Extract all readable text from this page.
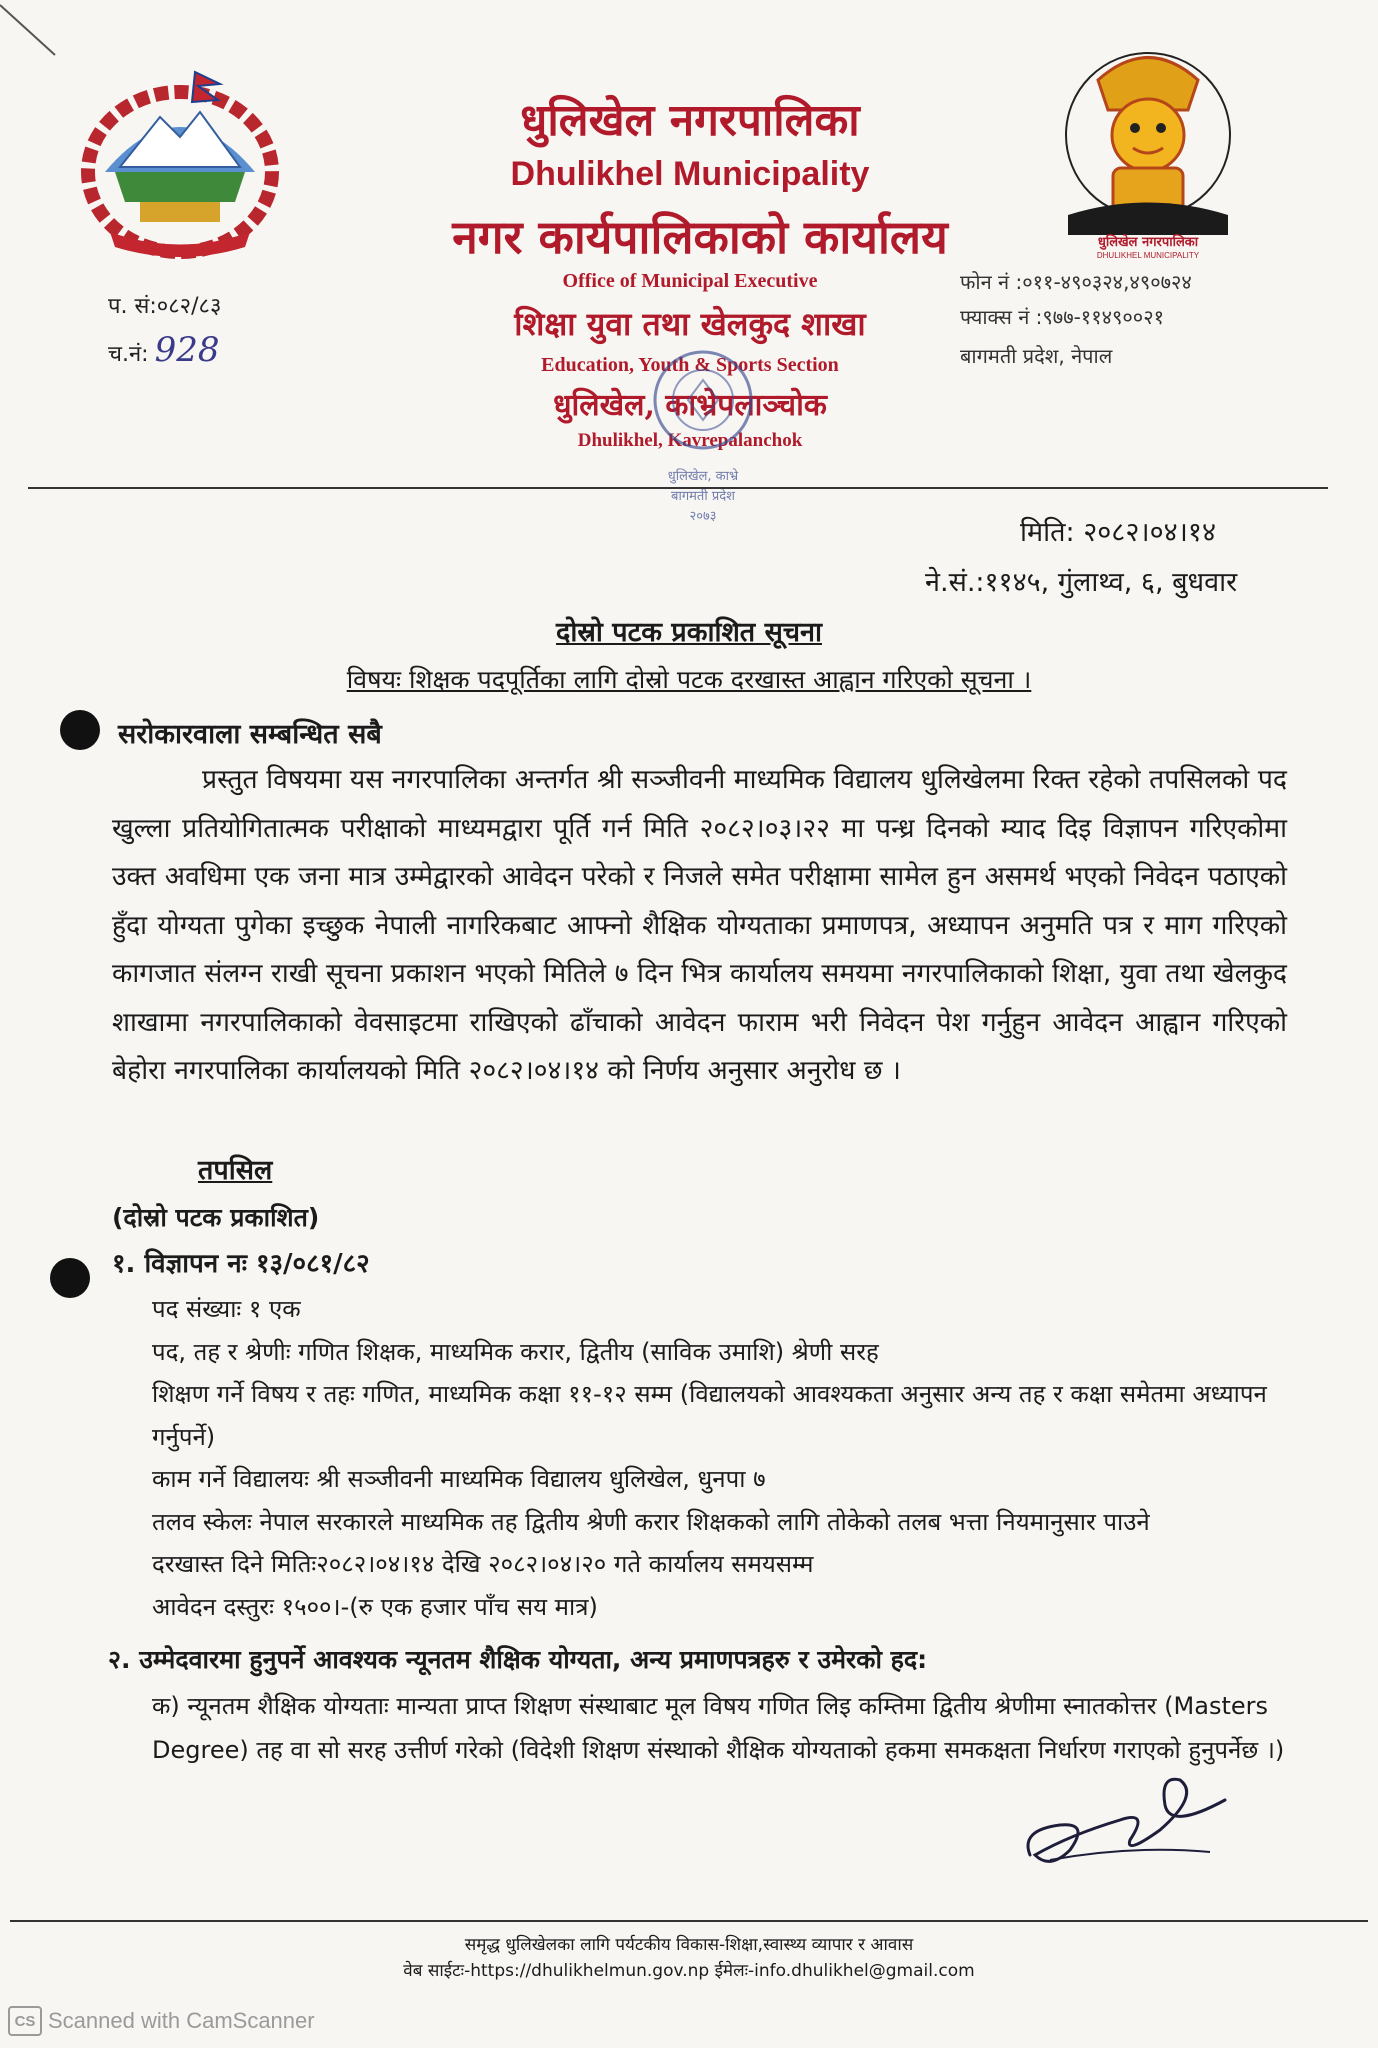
धुलिखेल नगरपालिका
Dhulikhel Municipality
नगर कार्यपालिकाको कार्यालय
Office of Municipal Executive
शिक्षा युवा तथा खेलकुद शाखा
Education, Youth & Sports Section
धुलिखेल, काभ्रेपलाञ्चोक
Dhulikhel, Kavrepalanchok
धुलिखेल नगरपालिका
DHULIKHEL MUNICIPALITY
प. सं:०८२/८३
च.नं: 928
फोन नं :०११-४९०३२४,४९०७२४
फ्याक्स नं :९७७-११४९००२१
बागमती प्रदेश, नेपाल
धुलिखेल, काभ्रे
बागमती प्रदेश
२०७३
मिति: २०८२।०४।१४
ने.सं.:११४५, गुंलाथ्व, ६, बुधवार
दोस्रो पटक प्रकाशित सूचना
विषयः शिक्षक पदपूर्तिका लागि दोस्रो पटक दरखास्त आह्वान गरिएको सूचना ।
सरोकारवाला सम्बन्धित सबै

प्रस्तुत विषयमा यस नगरपालिका अन्तर्गत श्री सञ्जीवनी माध्यमिक विद्यालय धुलिखेलमा रिक्त रहेको तपसिलको पद खुल्ला प्रतियोगितात्मक परीक्षाको माध्यमद्वारा पूर्ति गर्न मिति २०८२।०३।२२ मा पन्ध्र दिनको म्याद दिइ विज्ञापन गरिएकोमा उक्त अवधिमा एक जना मात्र उम्मेद्वारको आवेदन परेको र निजले समेत परीक्षामा सामेल हुन असमर्थ भएको निवेदन पठाएको हुँदा योग्यता पुगेका इच्छुक नेपाली नागरिकबाट आफ्नो शैक्षिक योग्यताका प्रमाणपत्र, अध्यापन अनुमति पत्र र माग गरिएको कागजात संलग्न राखी सूचना प्रकाशन भएको मितिले ७ दिन भित्र कार्यालय समयमा नगरपालिकाको शिक्षा, युवा तथा खेलकुद शाखामा नगरपालिकाको वेवसाइटमा राखिएको ढाँचाको आवेदन फाराम भरी निवेदन पेश गर्नुहुन आवेदन आह्वान गरिएको बेहोरा नगरपालिका कार्यालयको मिति २०८२।०४।१४ को निर्णय अनुसार अनुरोध छ ।

तपसिल
(दोस्रो पटक प्रकाशित)
१. विज्ञापन नः १३/०८१/८२
पद संख्याः १ एक
पद, तह र श्रेणीः गणित शिक्षक, माध्यमिक करार, द्वितीय (साविक उमाशि) श्रेणी सरह
शिक्षण गर्ने विषय र तहः गणित, माध्यमिक कक्षा ११-१२ सम्म (विद्यालयको आवश्यकता अनुसार अन्य तह र कक्षा समेतमा अध्यापन गर्नुपर्ने)
काम गर्ने विद्यालयः श्री सञ्जीवनी माध्यमिक विद्यालय धुलिखेल, धुनपा ७
तलव स्केलः नेपाल सरकारले माध्यमिक तह द्वितीय श्रेणी करार शिक्षकको लागि तोकेको तलब भत्ता नियमानुसार पाउने
दरखास्त दिने मितिः२०८२।०४।१४ देखि २०८२।०४।२० गते कार्यालय समयसम्म
आवेदन दस्तुरः १५००।-(रु एक हजार पाँच सय मात्र)
२. उम्मेदवारमा हुनुपर्ने आवश्यक न्यूनतम शैक्षिक योग्यता, अन्य प्रमाणपत्रहरु र उमेरको हद:
क) न्यूनतम शैक्षिक योग्यताः मान्यता प्राप्त शिक्षण संस्थाबाट मूल विषय गणित लिइ कम्तिमा द्वितीय श्रेणीमा स्नातकोत्तर (Masters Degree) तह वा सो सरह उत्तीर्ण गरेको (विदेशी शिक्षण संस्थाको शैक्षिक योग्यताको हकमा समकक्षता निर्धारण गराएको हुनुपर्नेछ ।)
समृद्ध धुलिखेलका लागि पर्यटकीय विकास-शिक्षा,स्वास्थ्य व्यापार र आवास
वेब साईटः-https://dhulikhelmun.gov.np ईमेलः-info.dhulikhel@gmail.com
CS Scanned with CamScanner
